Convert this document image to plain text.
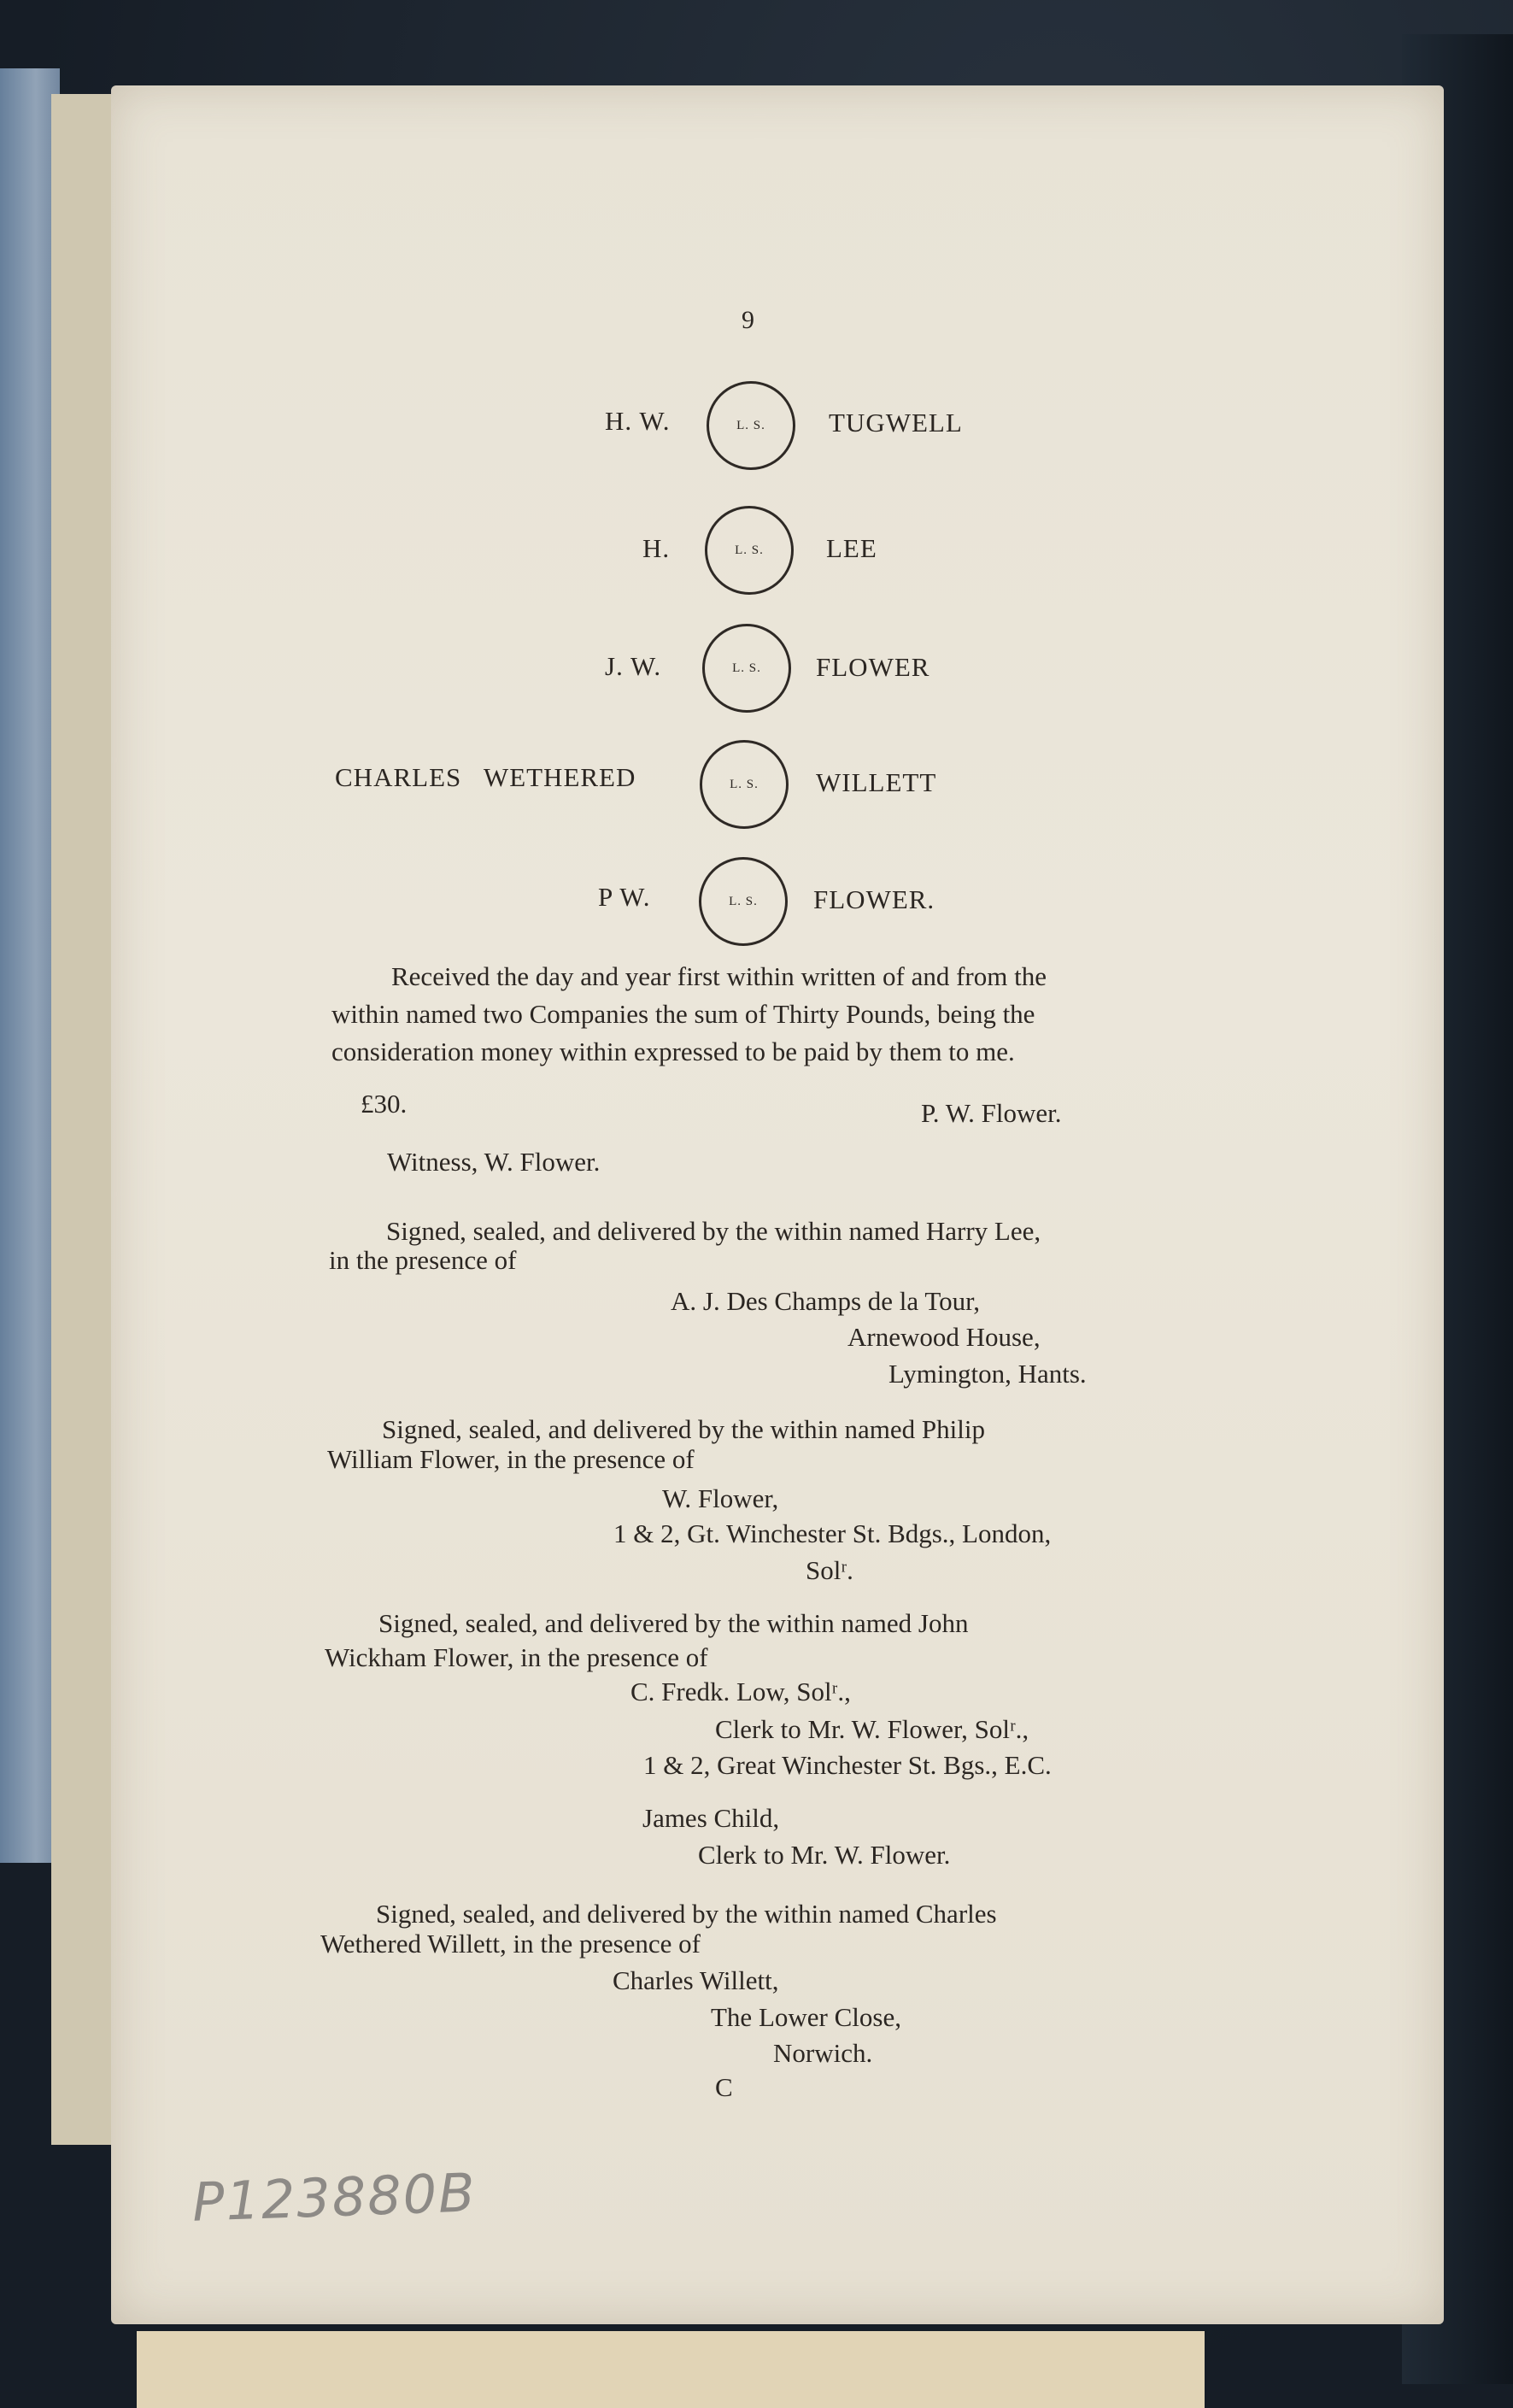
9
H. W.	L. S. TUGWELL
H.	L. S. LEE
J. W.	L. S. FLOWER
CHARLES   WETHERED	L. S. WILLETT
P W.	L. S. FLOWER.
Received the day and year first within written of and from the
within named two Companies the sum of Thirty Pounds, being the
consideration money within expressed to be paid by them to me.
£30.	P. W. Flower.
Witness, W. Flower.
Signed, sealed, and delivered by the within named Harry Lee,
in the presence of
A. J. Des Champs de la Tour,
Arnewood House,
Lymington, Hants.
Signed, sealed, and delivered by the within named Philip
William Flower, in the presence of
W. Flower,
1 & 2, Gt. Winchester St. Bdgs., London,
Solʳ.
Signed, sealed, and delivered by the within named John
Wickham Flower, in the presence of
C. Fredk. Low, Solʳ.,
Clerk to Mr. W. Flower, Solʳ.,
1 & 2, Great Winchester St. Bgs., E.C.
James Child,
Clerk to Mr. W. Flower.
Signed, sealed, and delivered by the within named Charles
Wethered Willett, in the presence of
Charles Willett,
The Lower Close,
Norwich.
C
P123880B
